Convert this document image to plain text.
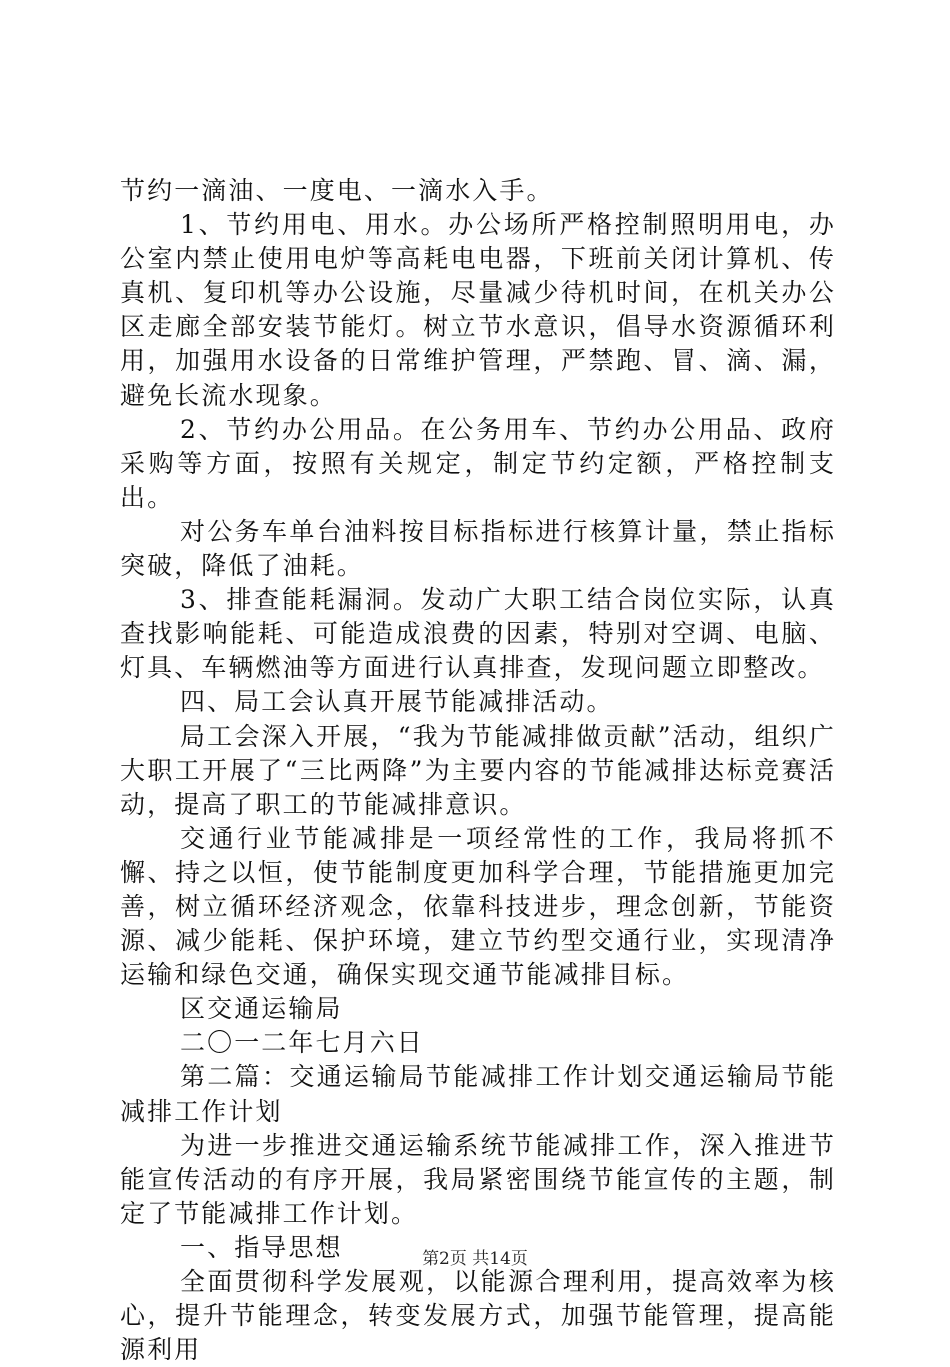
节约一滴油、一度电、一滴水入手。

1、节约用电、用水。办公场所严格控制照明用电，办公室内禁止使用电炉等高耗电电器，下班前关闭计算机、传真机、复印机等办公设施，尽量减少待机时间，在机关办公区走廊全部安装节能灯。树立节水意识，倡导水资源循环利用，加强用水设备的日常维护管理，严禁跑、冒、滴、漏，避免长流水现象。

2、节约办公用品。在公务用车、节约办公用品、政府采购等方面，按照有关规定，制定节约定额，严格控制支出。

对公务车单台油料按目标指标进行核算计量，禁止指标突破，降低了油耗。

3、排查能耗漏洞。发动广大职工结合岗位实际，认真查找影响能耗、可能造成浪费的因素，特别对空调、电脑、灯具、车辆燃油等方面进行认真排查，发现问题立即整改。

四、局工会认真开展节能减排活动。

局工会深入开展，“我为节能减排做贡献”活动，组织广大职工开展了“三比两降”为主要内容的节能减排达标竞赛活动，提高了职工的节能减排意识。

交通行业节能减排是一项经常性的工作，我局将抓不懈、持之以恒，使节能制度更加科学合理，节能措施更加完善，树立循环经济观念，依靠科技进步，理念创新，节能资源、减少能耗、保护环境，建立节约型交通行业，实现清净运输和绿色交通，确保实现交通节能减排目标。

区交通运输局

二〇一二年七月六日

第二篇：交通运输局节能减排工作计划交通运输局节能减排工作计划

为进一步推进交通运输系统节能减排工作，深入推进节能宣传活动的有序开展，我局紧密围绕节能宣传的主题，制定了节能减排工作计划。

一、指导思想

全面贯彻科学发展观，以能源合理利用，提高效率为核心，提升节能理念，转变发展方式，加强节能管理，提高能源利用

第2页 共14页
